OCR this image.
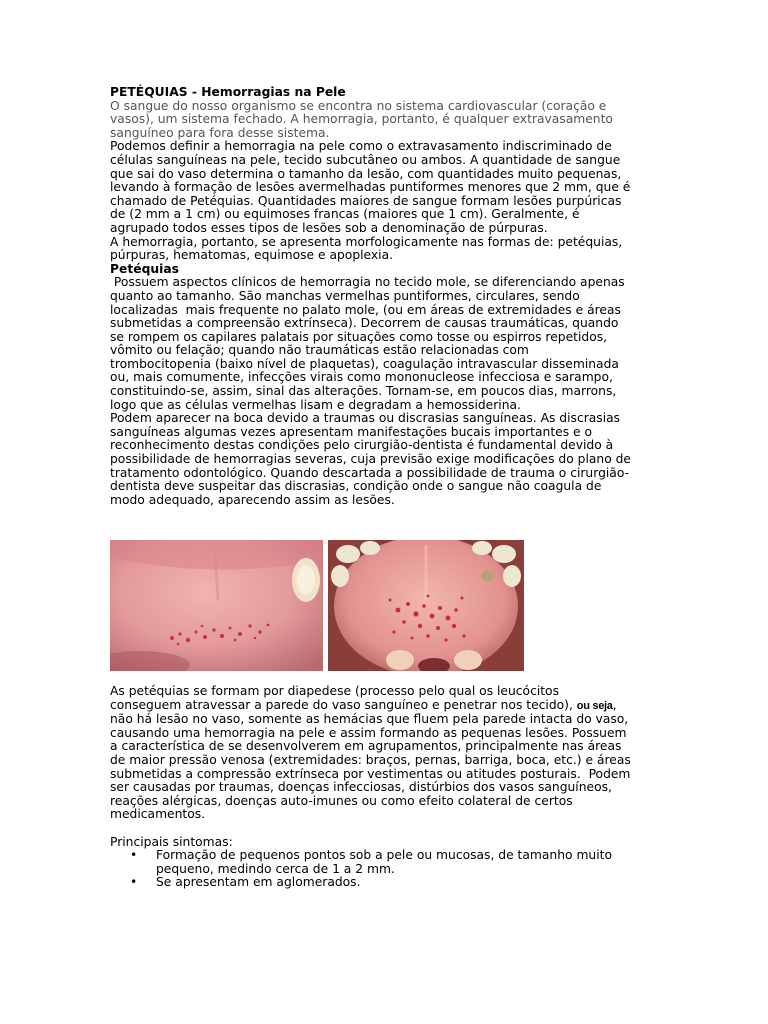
PETÉQUIAS - Hemorragias na Pele

O sangue do nosso organismo se encontra no sistema cardiovascular (coração e

vasos), um sistema fechado. A hemorragia, portanto, é qualquer extravasamento

sanguíneo para fora desse sistema.

Podemos definir a hemorragia na pele como o extravasamento indiscriminado de

células sanguíneas na pele, tecido subcutâneo ou ambos. A quantidade de sangue

que sai do vaso determina o tamanho da lesão, com quantidades muito pequenas,

levando à formação de lesões avermelhadas puntiformes menores que 2 mm, que é

chamado de Petéquias. Quantidades maiores de sangue formam lesões purpúricas

de (2 mm a 1 cm) ou equimoses francas (maiores que 1 cm). Geralmente, é

agrupado todos esses tipos de lesões sob a denominação de púrpuras.

A hemorragia, portanto, se apresenta morfologicamente nas formas de: petéquias,

púrpuras, hematomas, equimose e apoplexia.

Petéquias

Possuem aspectos clínicos de hemorragia no tecido mole, se diferenciando apenas

quanto ao tamanho. São manchas vermelhas puntiformes, circulares, sendo

localizadas  mais frequente no palato mole, (ou em áreas de extremidades e áreas

submetidas a compreensão extrínseca). Decorrem de causas traumáticas, quando

se rompem os capilares palatais por situações como tosse ou espirros repetidos,

vômito ou felação; quando não traumáticas estão relacionadas com

trombocitopenia (baixo nível de plaquetas), coagulação intravascular disseminada

ou, mais comumente, infecções virais como mononucleose infecciosa e sarampo,

constituindo-se, assim, sinal das alterações. Tornam-se, em poucos dias, marrons,

logo que as células vermelhas lisam e degradam a hemossiderina.

Podem aparecer na boca devido a traumas ou discrasias sanguíneas. As discrasias

sanguíneas algumas vezes apresentam manifestações bucais importantes e o

reconhecimento destas condições pelo cirurgião-dentista é fundamental devido à

possibilidade de hemorragias severas, cuja previsão exige modificações do plano de

tratamento odontológico. Quando descartada a possibilidade de trauma o cirurgião-

dentista deve suspeitar das discrasias, condição onde o sangue não coagula de

modo adequado, aparecendo assim as lesões.

As petéquias se formam por diapedese (processo pelo qual os leucócitos

conseguem atravessar a parede do vaso sanguíneo e penetrar nos tecido), ou seja,

não há lesão no vaso, somente as hemácias que fluem pela parede intacta do vaso,

causando uma hemorragia na pele e assim formando as pequenas lesões. Possuem

a característica de se desenvolverem em agrupamentos, principalmente nas áreas

de maior pressão venosa (extremidades: braços, pernas, barriga, boca, etc.) e áreas

submetidas a compressão extrínseca por vestimentas ou atitudes posturais.  Podem

ser causadas por traumas, doenças infecciosas, distúrbios dos vasos sanguíneos,

reações alérgicas, doenças auto-imunes ou como efeito colateral de certos

medicamentos.

Principais sintomas:

• Formação de pequenos pontos sob a pele ou mucosas, de tamanho muito

pequeno, medindo cerca de 1 a 2 mm.

• Se apresentam em aglomerados.
